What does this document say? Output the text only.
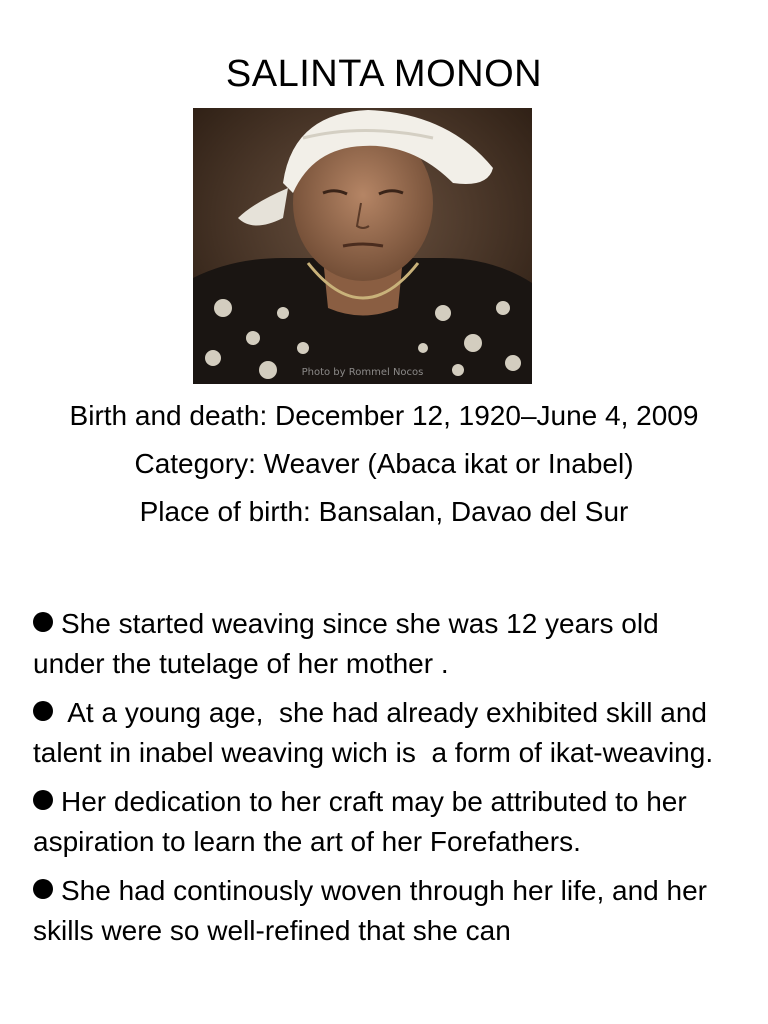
SALINTA MONON
Photo by Rommel Nocos

Birth and death: December 12, 1920–June 4, 2009

Category: Weaver (Abaca ikat or Inabel)

Place of birth: Bansalan, Davao del Sur

She started weaving since she was 12 years old under the tutelage of her mother .
At a young age,  she had already exhibited skill and talent in inabel weaving wich is  a form of ikat-weaving.
Her dedication to her craft may be attributed to her aspiration to learn the art of her Forefathers.
She had continously woven through her life, and her skills were so well-refined that she can
